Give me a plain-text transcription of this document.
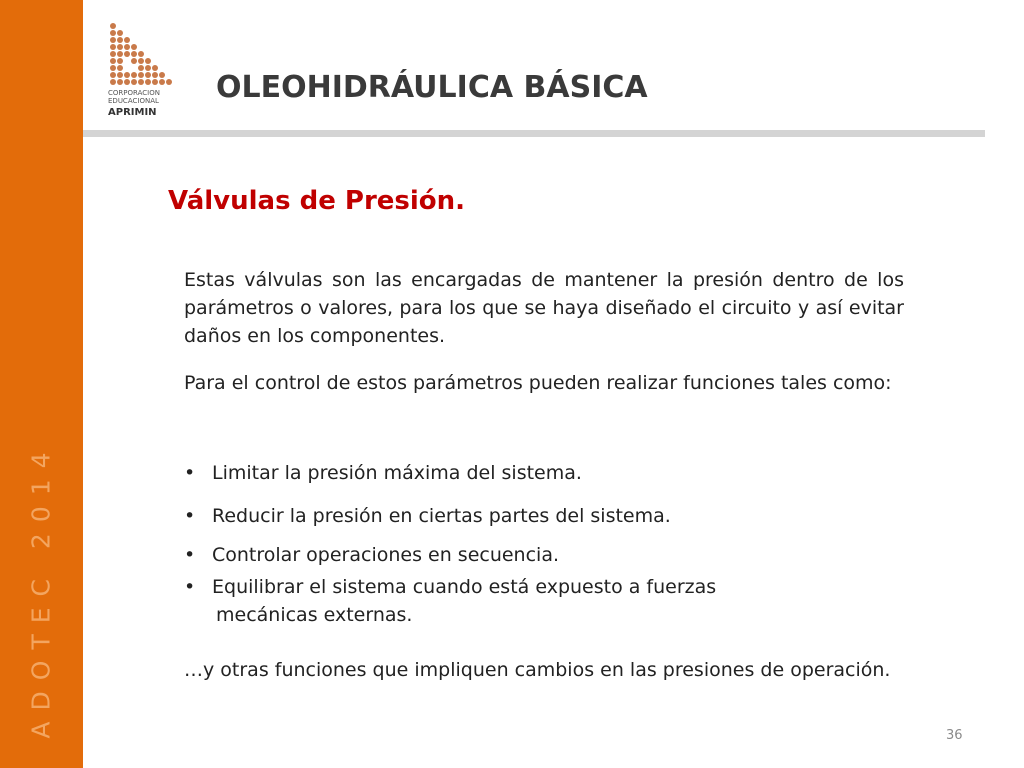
ADOTEC 2014
CORPORACION
EDUCACIONAL
APRIMIN
OLEOHIDRÁULICA BÁSICA
Válvulas de Presión.
Estas válvulas son las encargadas de mantener la presión dentro de los parámetros o valores, para los que se haya diseñado el circuito y así evitar daños en los componentes.
Para el control de estos parámetros pueden realizar funciones tales como:
• Limitar la presión máxima del sistema.
• Reducir la presión en ciertas partes del sistema.
• Controlar operaciones en secuencia.
• Equilibrar el sistema cuando está expuesto a fuerzas
mecánicas externas.
…y otras funciones que impliquen cambios en las presiones de operación.
36
